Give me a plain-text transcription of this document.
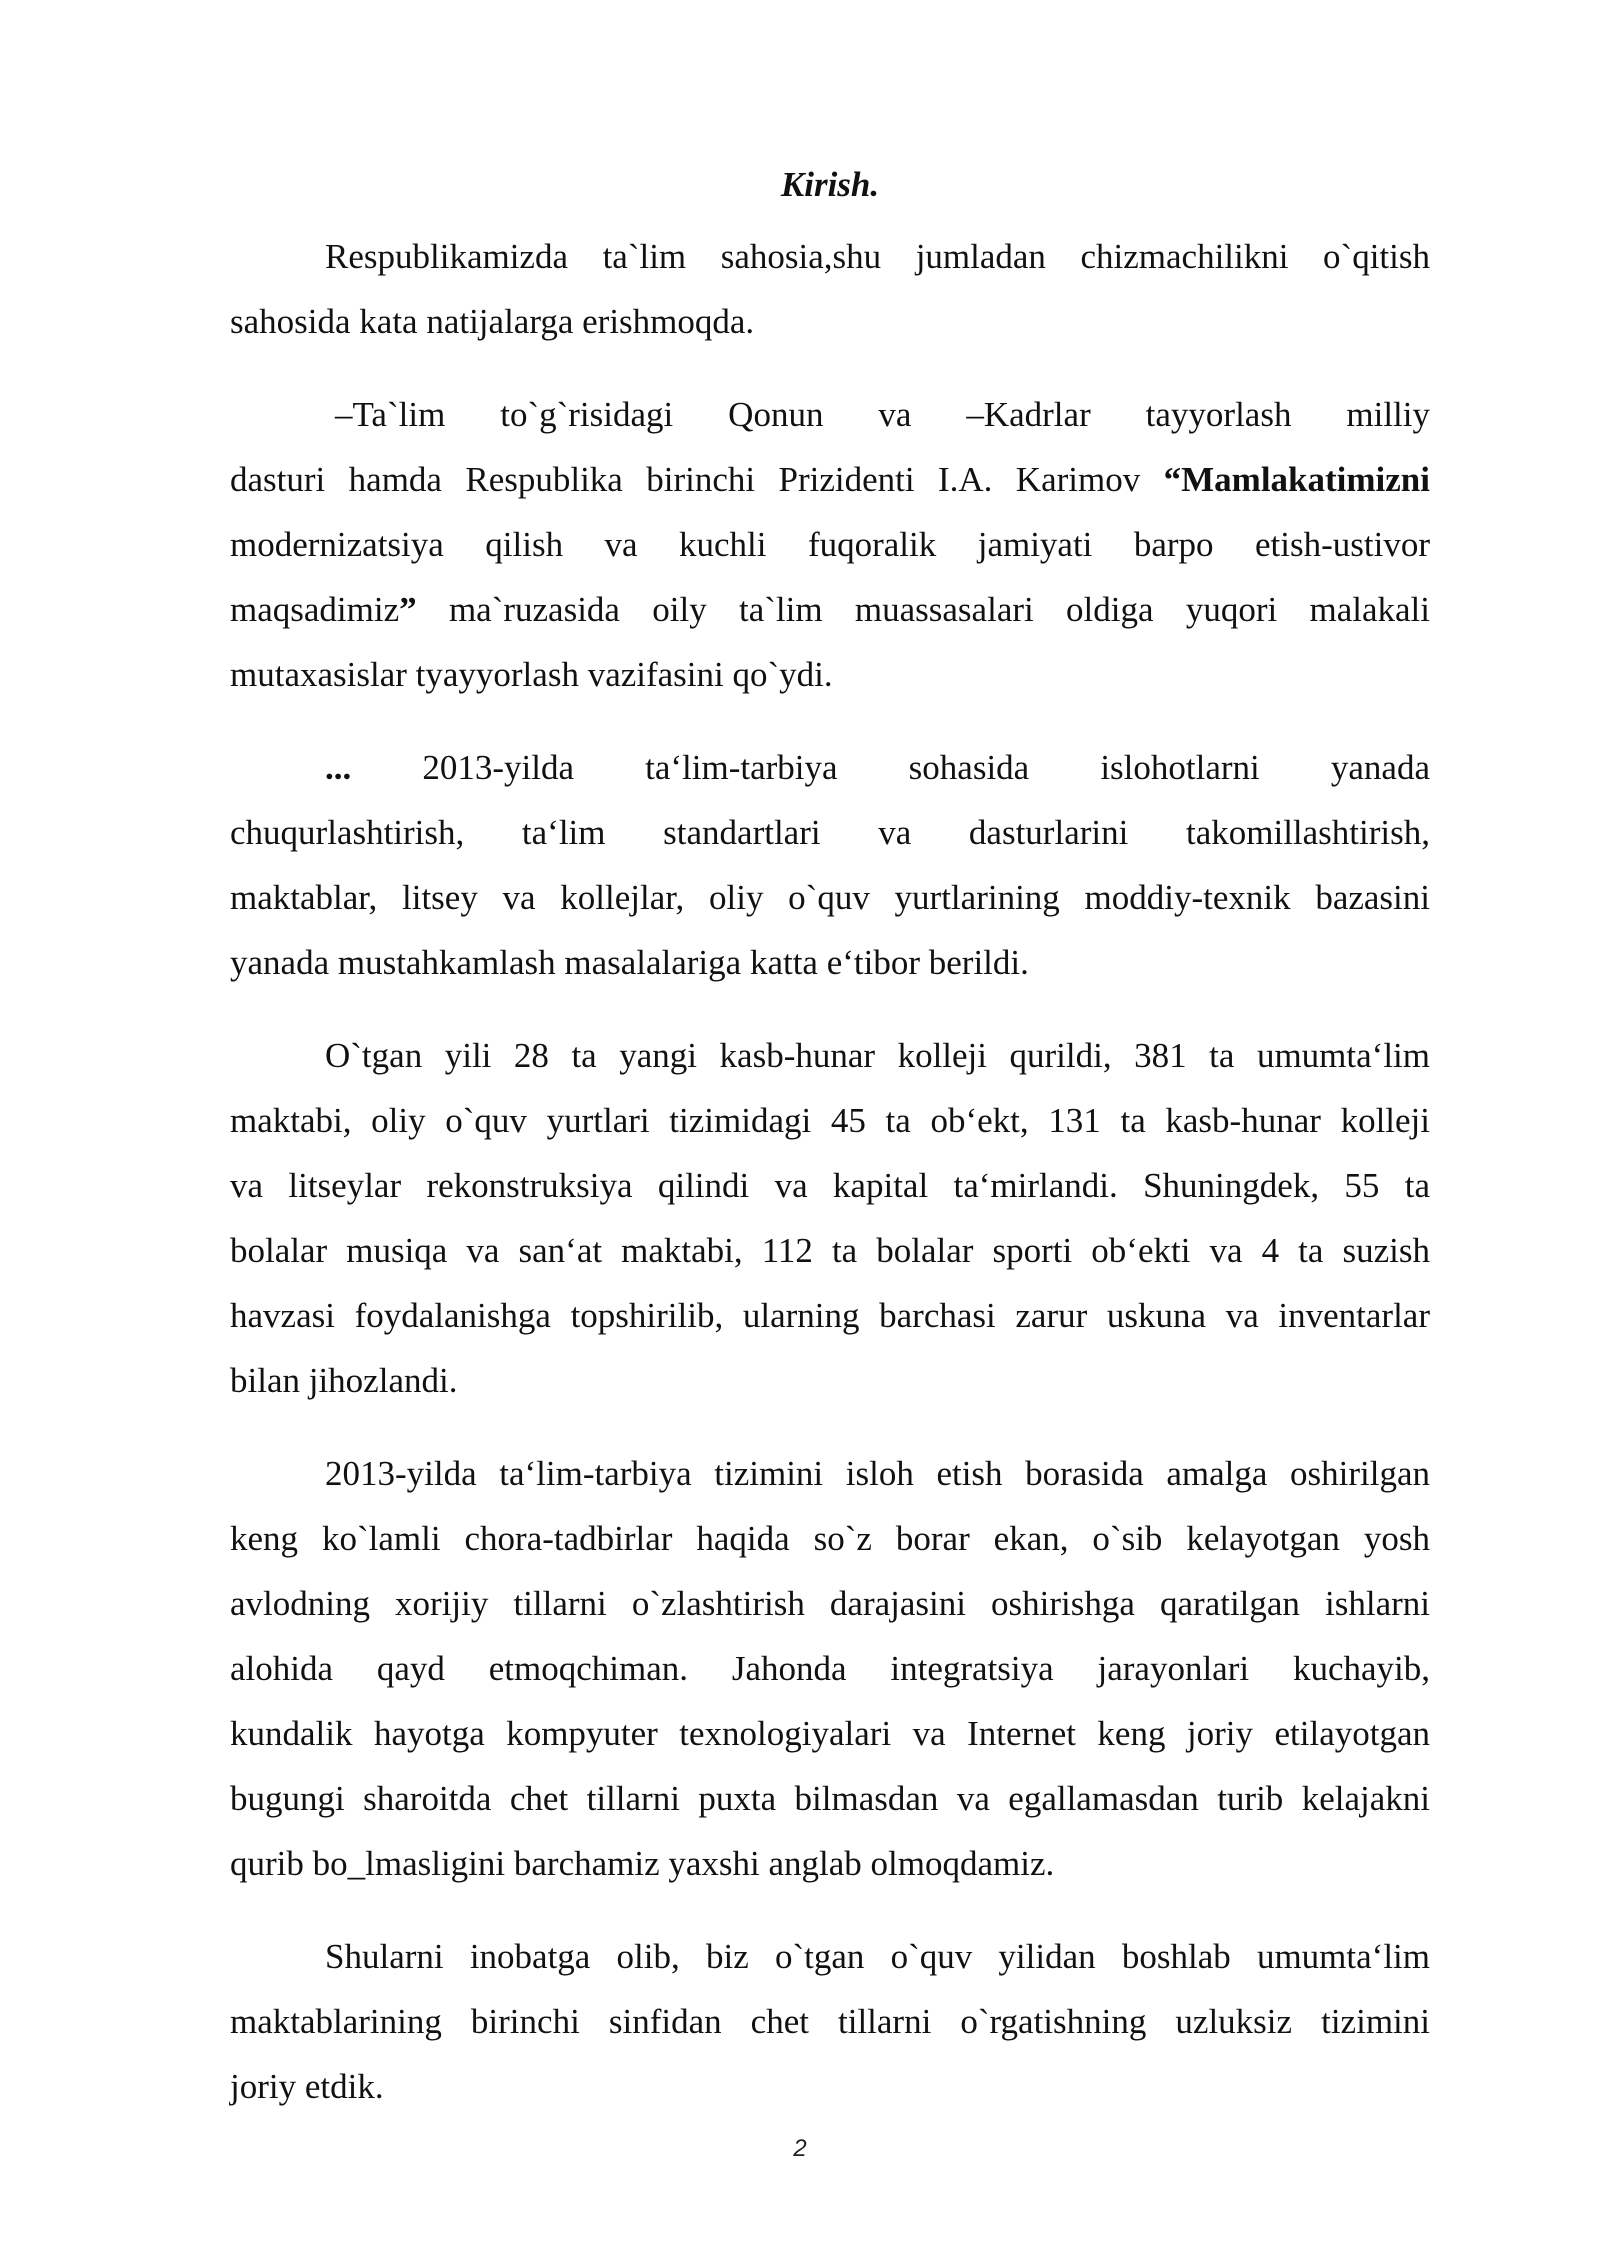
Kirish.
Respublikamizda ta`lim sahosia,shu jumladan chizmachilikni o`qitish
sahosida kata natijalarga erishmoqda.
–Ta`lim to`g`risidagi Qonun va –Kadrlar tayyorlash milliy
dasturi hamda Respublika birinchi Prizidenti I.A. Karimov “Mamlakatimizni
modernizatsiya qilish va kuchli fuqoralik jamiyati barpo etish-ustivor
maqsadimiz” ma`ruzasida oily ta`lim muassasalari oldiga yuqori malakali
mutaxasislar tyayyorlash vazifasini qo`ydi.
... 2013-yilda ta‘lim-tarbiya sohasida islohotlarni yanada
chuqurlashtirish, ta‘lim standartlari va dasturlarini takomillashtirish,
maktablar, litsey va kollejlar, oliy o`quv yurtlarining moddiy-texnik bazasini
yanada mustahkamlash masalalariga katta e‘tibor berildi.
O`tgan yili 28 ta yangi kasb-hunar kolleji qurildi, 381 ta umumta‘lim
maktabi, oliy o`quv yurtlari tizimidagi 45 ta ob‘ekt, 131 ta kasb-hunar kolleji
va litseylar rekonstruksiya qilindi va kapital ta‘mirlandi. Shuningdek, 55 ta
bolalar musiqa va san‘at maktabi, 112 ta bolalar sporti ob‘ekti va 4 ta suzish
havzasi foydalanishga topshirilib, ularning barchasi zarur uskuna va inventarlar
bilan jihozlandi.
2013-yilda ta‘lim-tarbiya tizimini isloh etish borasida amalga oshirilgan
keng ko`lamli chora-tadbirlar haqida so`z borar ekan, o`sib kelayotgan yosh
avlodning xorijiy tillarni o`zlashtirish darajasini oshirishga qaratilgan ishlarni
alohida qayd etmoqchiman. Jahonda integratsiya jarayonlari kuchayib,
kundalik hayotga kompyuter texnologiyalari va Internet keng joriy etilayotgan
bugungi sharoitda chet tillarni puxta bilmasdan va egallamasdan turib kelajakni
qurib bo_lmasligini barchamiz yaxshi anglab olmoqdamiz.
Shularni inobatga olib, biz o`tgan o`quv yilidan boshlab umumta‘lim
maktablarining birinchi sinfidan chet tillarni o`rgatishning uzluksiz tizimini
joriy etdik.
2
